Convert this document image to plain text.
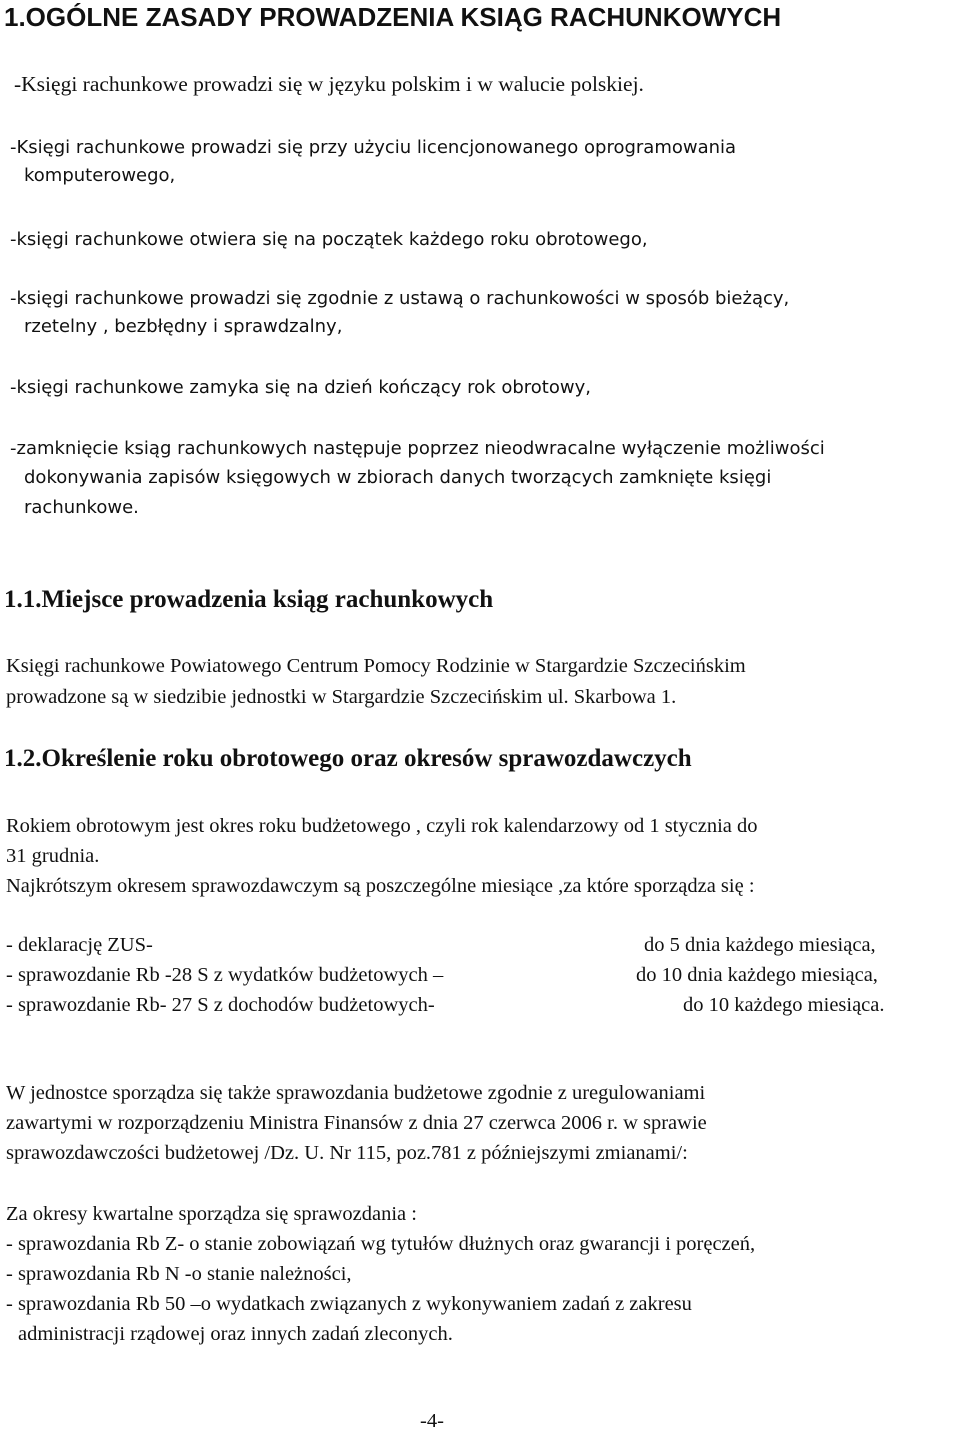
1.OGÓLNE ZASADY PROWADZENIA KSIĄG RACHUNKOWYCH
-Księgi rachunkowe prowadzi się w języku polskim i w walucie polskiej.
-Księgi rachunkowe prowadzi się przy użyciu licencjonowanego oprogramowania
komputerowego,
-księgi rachunkowe otwiera się na początek każdego roku obrotowego,
-księgi rachunkowe prowadzi się zgodnie z ustawą o rachunkowości w sposób bieżący,
rzetelny , bezbłędny i sprawdzalny,
-księgi rachunkowe zamyka się na dzień kończący rok obrotowy,
-zamknięcie ksiąg rachunkowych następuje poprzez nieodwracalne wyłączenie możliwości
dokonywania zapisów księgowych w zbiorach danych tworzących zamknięte księgi
rachunkowe.
1.1.Miejsce prowadzenia ksiąg rachunkowych
Księgi rachunkowe Powiatowego Centrum Pomocy Rodzinie w Stargardzie Szczecińskim
prowadzone są w siedzibie jednostki w Stargardzie Szczecińskim ul. Skarbowa 1.
1.2.Określenie roku obrotowego oraz okresów sprawozdawczych
Rokiem obrotowym jest okres roku budżetowego , czyli rok kalendarzowy od 1 stycznia do
31 grudnia.
Najkrótszym okresem sprawozdawczym są poszczególne miesiące ,za które sporządza się :
- deklarację ZUS-	do 5 dnia każdego miesiąca,
- sprawozdanie Rb -28 S z wydatków budżetowych –	do 10 dnia każdego miesiąca,
- sprawozdanie Rb- 27 S z dochodów budżetowych-	do 10 każdego miesiąca.
W jednostce sporządza się także sprawozdania budżetowe zgodnie z uregulowaniami
zawartymi w rozporządzeniu Ministra Finansów z dnia 27 czerwca 2006 r. w sprawie
sprawozdawczości budżetowej /Dz. U. Nr 115, poz.781 z późniejszymi zmianami/:
Za okresy kwartalne sporządza się sprawozdania :
- sprawozdania Rb Z- o stanie zobowiązań wg tytułów dłużnych oraz gwarancji i poręczeń,
- sprawozdania Rb N -o stanie należności,
- sprawozdania Rb 50 –o wydatkach związanych z wykonywaniem zadań z zakresu
administracji rządowej oraz innych zadań zleconych.
-4-
